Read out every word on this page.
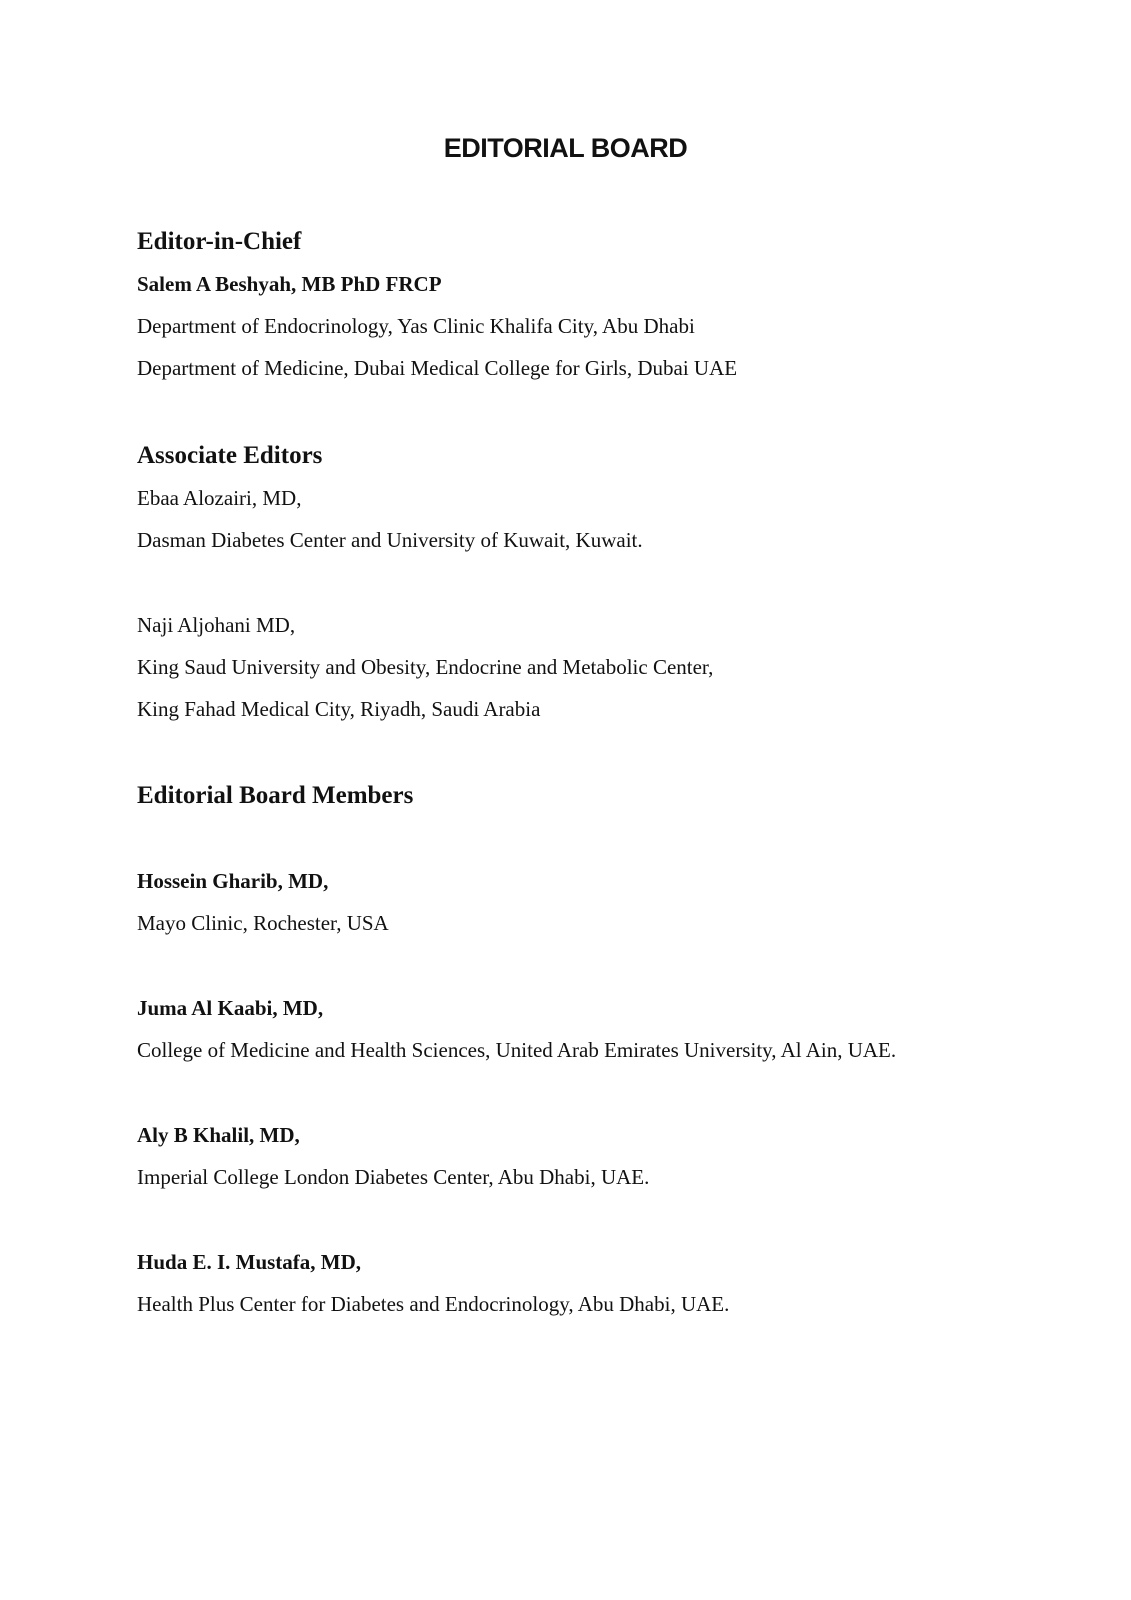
EDITORIAL BOARD
Editor-in-Chief
Salem A Beshyah, MB PhD FRCP
Department of Endocrinology, Yas Clinic Khalifa City, Abu Dhabi
Department of Medicine, Dubai Medical College for Girls, Dubai UAE
Associate Editors
Ebaa Alozairi, MD,
Dasman Diabetes Center and University of Kuwait, Kuwait.
Naji Aljohani MD,
King Saud University and Obesity, Endocrine and Metabolic Center,
King Fahad Medical City, Riyadh, Saudi Arabia
Editorial Board Members
Hossein Gharib, MD,
Mayo Clinic, Rochester, USA
Juma Al Kaabi, MD,
College of Medicine and Health Sciences, United Arab Emirates University, Al Ain, UAE.
Aly B Khalil, MD,
Imperial College London Diabetes Center, Abu Dhabi, UAE.
Huda E. I. Mustafa, MD,
Health Plus Center for Diabetes and Endocrinology, Abu Dhabi, UAE.
